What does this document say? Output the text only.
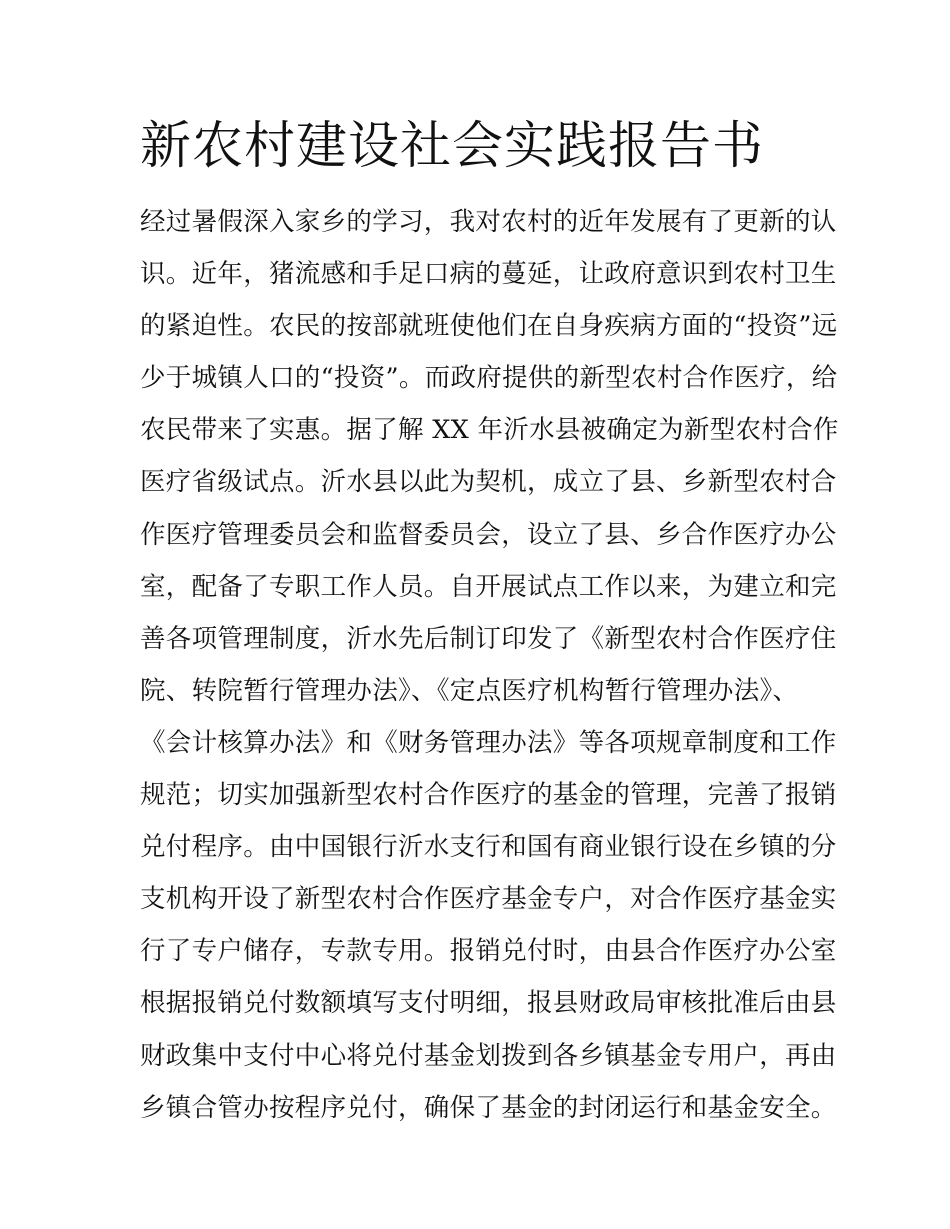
新农村建设社会实践报告书
经过暑假深入家乡的学习，我对农村的近年发展有了更新的认
识。近年，猪流感和手足口病的蔓延，让政府意识到农村卫生
的紧迫性。农民的按部就班使他们在自身疾病方面的“投资”远
少于城镇人口的“投资”。而政府提供的新型农村合作医疗，给
农民带来了实惠。据了解 XX 年沂水县被确定为新型农村合作
医疗省级试点。沂水县以此为契机，成立了县、乡新型农村合
作医疗管理委员会和监督委员会，设立了县、乡合作医疗办公
室，配备了专职工作人员。自开展试点工作以来，为建立和完
善各项管理制度，沂水先后制订印发了《新型农村合作医疗住
院、转院暂行管理办法》、《定点医疗机构暂行管理办法》、
《会计核算办法》和《财务管理办法》等各项规章制度和工作
规范；切实加强新型农村合作医疗的基金的管理，完善了报销
兑付程序。由中国银行沂水支行和国有商业银行设在乡镇的分
支机构开设了新型农村合作医疗基金专户，对合作医疗基金实
行了专户储存，专款专用。报销兑付时，由县合作医疗办公室
根据报销兑付数额填写支付明细，报县财政局审核批准后由县
财政集中支付中心将兑付基金划拨到各乡镇基金专用户，再由
乡镇合管办按程序兑付，确保了基金的封闭运行和基金安全。
